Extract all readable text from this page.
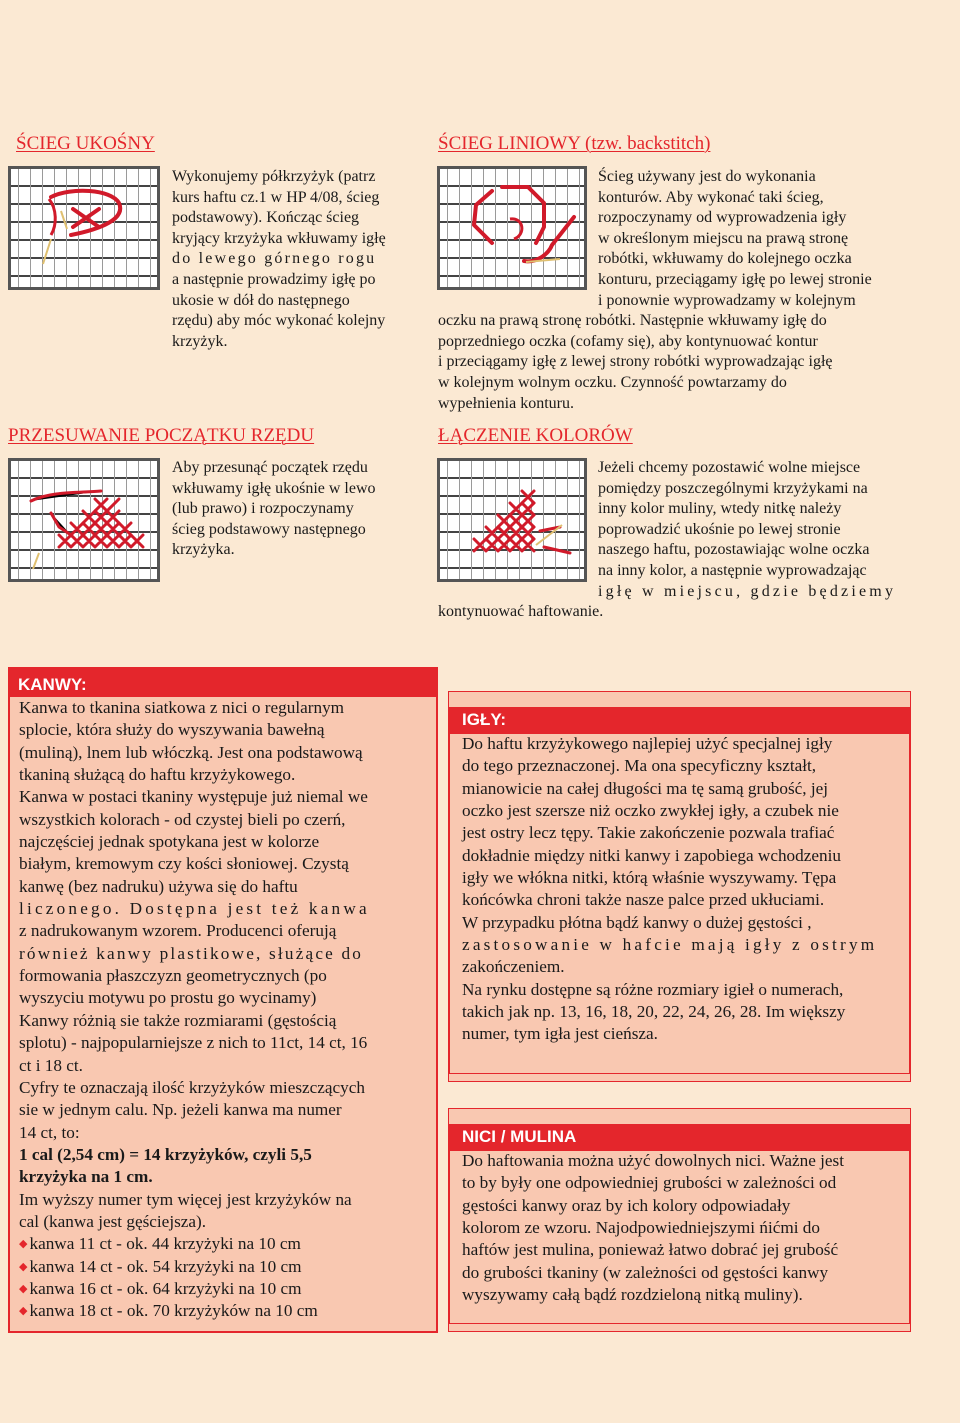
ŚCIEG UKOŚNY

Wykonujemy półkrzyżyk (patrz

kurs haftu cz.1 w HP 4/08, ścieg

podstawowy). Kończąc ścieg

kryjący krzyżyka wkłuwamy igłę

do lewego górnego rogu

a następnie prowadzimy igłę po

ukosie w dół do następnego

rzędu) aby móc wykonać kolejny

krzyżyk.

ŚCIEG LINIOWY (tzw. backstitch)

Ścieg używany jest do wykonania

konturów. Aby wykonać taki ścieg,

rozpoczynamy od wyprowadzenia igły

w określonym miejscu na prawą stronę

robótki, wkłuwamy do kolejnego oczka

konturu, przeciągamy igłę po lewej stronie

i ponownie wyprowadzamy w kolejnym

oczku na prawą stronę robótki. Następnie wkłuwamy igłę do

poprzedniego oczka (cofamy się), aby kontynuować kontur

i przeciągamy igłę z lewej strony robótki wyprowadzając igłę

w kolejnym wolnym oczku. Czynność powtarzamy do

wypełnienia konturu.

PRZESUWANIE POCZĄTKU RZĘDU

Aby przesunąć początek rzędu

wkłuwamy igłę ukośnie w lewo

(lub prawo) i rozpoczynamy

ścieg podstawowy następnego

krzyżyka.

ŁĄCZENIE KOLORÓW

Jeżeli chcemy pozostawić wolne miejsce

pomiędzy poszczególnymi krzyżykami na

inny kolor muliny, wtedy nitkę należy

poprowadzić ukośnie po lewej stronie

naszego haftu, pozostawiając wolne oczka

na inny kolor, a następnie wyprowadzając

igłę w miejscu, gdzie będziemy

kontynuować haftowanie.

KANWY:

Kanwa to tkanina siatkowa z nici o regularnym

splocie, która służy do wyszywania bawełną

(muliną), lnem lub włóczką. Jest ona podstawową

tkaniną służącą do haftu krzyżykowego.

Kanwa w postaci tkaniny występuje już niemal we

wszystkich kolorach - od czystej bieli po czerń,

najczęściej jednak spotykana jest w kolorze

białym, kremowym czy kości słoniowej. Czystą

kanwę (bez nadruku) używa się do haftu

liczonego. Dostępna jest też kanwa

z nadrukowanym wzorem. Producenci oferują

również kanwy plastikowe, służące do

formowania płaszczyzn geometrycznych (po

wyszyciu motywu po prostu go wycinamy)

Kanwy różnią sie także rozmiarami (gęstością

splotu) - najpopularniejsze z nich to 11ct, 14 ct, 16

ct i 18 ct.

Cyfry te oznaczają ilość krzyżyków mieszczących

sie w jednym calu. Np. jeżeli kanwa ma numer

14 ct, to:

1 cal (2,54 cm) = 14 krzyżyków, czyli 5,5

krzyżyka na 1 cm.

Im wyższy numer tym więcej jest krzyżyków na

cal (kanwa jest gęściejsza).

◆ kanwa 11 ct - ok. 44 krzyżyki na 10 cm

◆ kanwa 14 ct - ok. 54 krzyżyki na 10 cm

◆ kanwa 16 ct - ok. 64 krzyżyki na 10 cm

◆ kanwa 18 ct - ok. 70 krzyżyków na 10 cm

IGŁY:

Do haftu krzyżykowego najlepiej użyć specjalnej igły

do tego przeznaczonej. Ma ona specyficzny kształt,

mianowicie na całej długości ma tę samą grubość, jej

oczko jest szersze niż oczko zwykłej igły, a czubek nie

jest ostry lecz tępy. Takie zakończenie pozwala trafiać

dokładnie między nitki kanwy i zapobiega wchodzeniu

igły we włókna nitki, którą właśnie wyszywamy. Tępa

końcówka chroni także nasze palce przed ukłuciami.

W przypadku płótna bądź kanwy o dużej gęstości ,

zastosowanie w hafcie mają igły z ostrym

zakończeniem.

Na rynku dostępne są różne rozmiary igieł o numerach,

takich jak np. 13, 16, 18, 20, 22, 24, 26, 28. Im większy

numer, tym igła jest cieńsza.

NICI / MULINA

Do haftowania można użyć dowolnych nici. Ważne jest

to by były one odpowiedniej grubości w zależności od

gęstości kanwy oraz by ich kolory odpowiadały

kolorom ze wzoru. Najodpowiedniejszymi ńićmi do

haftów jest mulina, ponieważ łatwo dobrać jej grubość

do grubości tkaniny (w zależności od gęstości kanwy

wyszywamy całą bądź rozdzieloną nitką muliny).
